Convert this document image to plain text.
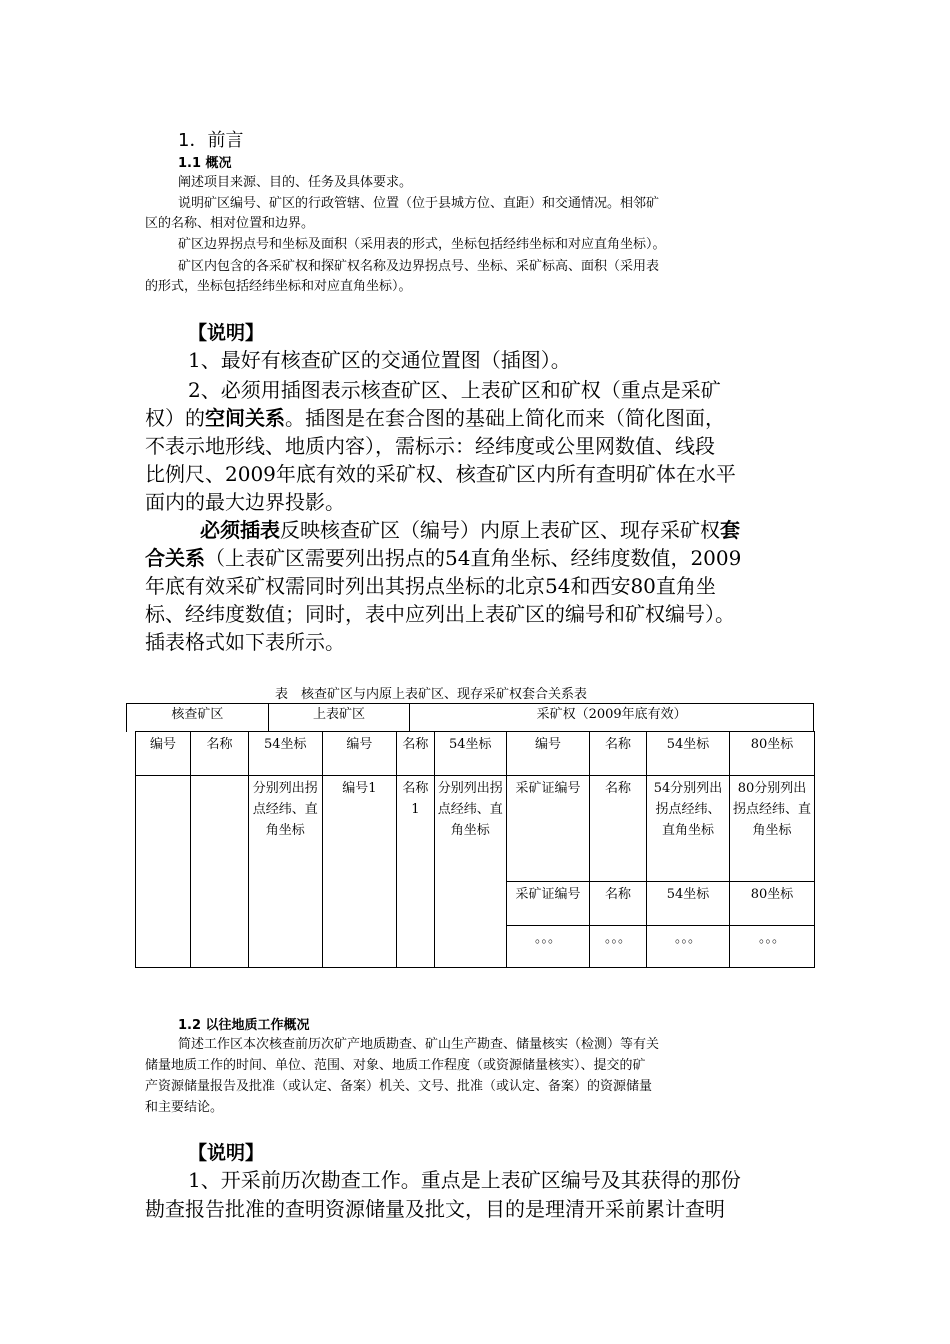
1．前言
1.1 概况
阐述项目来源、目的、任务及具体要求。
说明矿区编号、矿区的行政管辖、位置（位于县城方位、直距）和交通情况。相邻矿
区的名称、相对位置和边界。
矿区边界拐点号和坐标及面积（采用表的形式，坐标包括经纬坐标和对应直角坐标）。
矿区内包含的各采矿权和探矿权名称及边界拐点号、坐标、采矿标高、面积（采用表
的形式，坐标包括经纬坐标和对应直角坐标）。
【说明】
1、最好有核查矿区的交通位置图（插图）。
2、必须用插图表示核查矿区、上表矿区和矿权（重点是采矿
权）的空间关系。插图是在套合图的基础上简化而来（简化图面，
不表示地形线、地质内容），需标示：经纬度或公里网数值、线段
比例尺、2009年底有效的采矿权、核查矿区内所有查明矿体在水平
面内的最大边界投影。
必须插表反映核查矿区（编号）内原上表矿区、现存采矿权套
合关系（上表矿区需要列出拐点的54直角坐标、经纬度数值，2009
年底有效采矿权需同时列出其拐点坐标的北京54和西安80直角坐
标、经纬度数值；同时，表中应列出上表矿区的编号和矿权编号）。
插表格式如下表所示。
表　核查矿区与内原上表矿区、现存采矿权套合关系表
核查矿区	上表矿区	采矿权（2009年底有效）
编号	名称	54坐标	编号	名称	54坐标	编号	名称	54坐标	80坐标
		分别列出拐点经纬、直角坐标	编号1	名称1	分别列出拐点经纬、直角坐标	采矿证编号	名称	54分别列出拐点经纬、直角坐标	80分别列出拐点经纬、直角坐标
						采矿证编号	名称	54坐标	80坐标
						。。。	。。。	。。。	。。。
1.2 以往地质工作概况
简述工作区本次核查前历次矿产地质勘查、矿山生产勘查、储量核实（检测）等有关
储量地质工作的时间、单位、范围、对象、地质工作程度（或资源储量核实）、提交的矿
产资源储量报告及批准（或认定、备案）机关、文号、批准（或认定、备案）的资源储量
和主要结论。
【说明】
1、开采前历次勘查工作。重点是上表矿区编号及其获得的那份
勘查报告批准的查明资源储量及批文，目的是理清开采前累计查明
